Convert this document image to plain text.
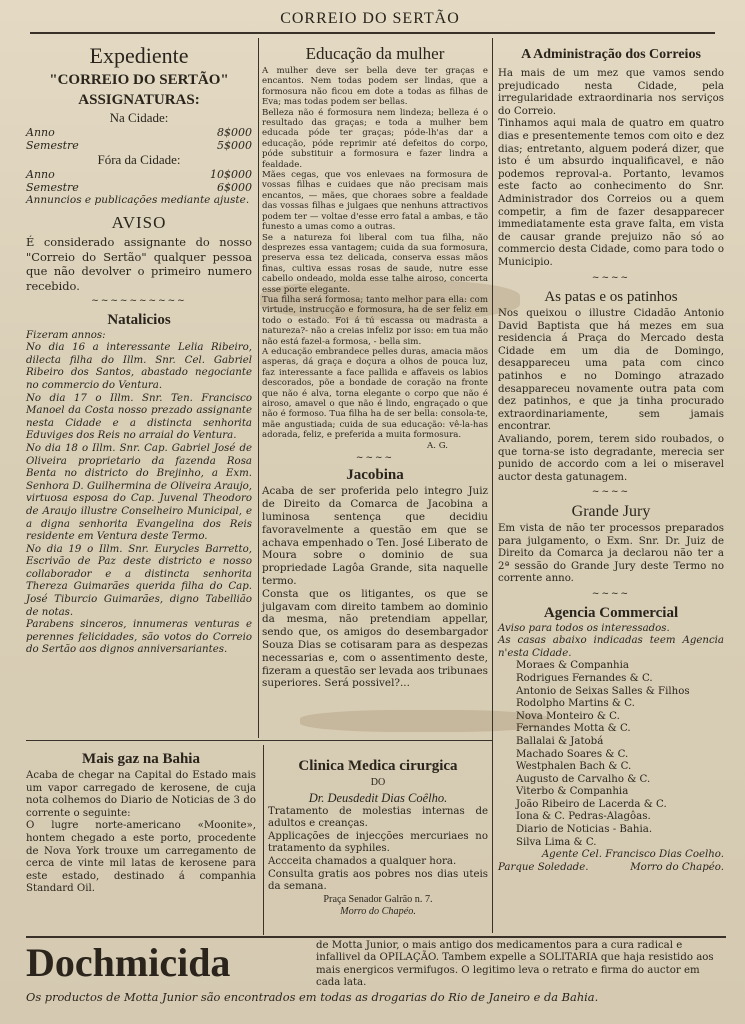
CORREIO DO SERTÃO
Expediente
"CORREIO DO SERTÃO"
ASSIGNATURAS:
Na Cidade:
Anno	8$000
Semestre	5$000
Fóra da Cidade:
Anno	10$000
Semestre	6$000

Annuncios e publicações mediante ajuste.

AVISO

É considerado assignante do nosso "Correio do Sertão" qualquer pessoa que não devolver o primeiro numero recebido.

~~~~~~~~~~
Natalicios

Fizeram annos:

No dia 16 a interessante Lelia Ribeiro, dilecta filha do Illm. Snr. Cel. Gabriel Ribeiro dos Santos, abastado negociante no commercio do Ventura.

No dia 17 o Illm. Snr. Ten. Francisco Manoel da Costa nosso prezado assignante nesta Cidade e a distincta senhorita Eduviges dos Reis no arraial do Ventura.

No dia 18 o Illm. Snr. Cap. Gabriel José de Oliveira proprietario da fazenda Rosa Benta no districto do Brejinho, a Exm. Senhora D. Guilhermina de Oliveira Araujo, virtuosa esposa do Cap. Juvenal Theodoro de Araujo illustre Conselheiro Municipal, e a digna senhorita Evangelina dos Reis residente em Ventura deste Termo.

No dia 19 o Illm. Snr. Eurycles Barretto, Escrivão de Paz deste districto e nosso collaborador e a distincta senhorita Thereza Guimarães querida filha do Cap. José Tiburcio Guimarães, digno Tabellião de notas.

Parabens sinceros, innumeras venturas e perennes felicidades, são votos do Correio do Sertão aos dignos anniversariantes.

Educação da mulher

A mulher deve ser bella deve ter graças e encantos. Nem todas podem ser lindas, que a formosura não ficou em dote a todas as filhas de Eva; mas todas podem ser bellas.

Belleza não é formosura nem lindeza; belleza é o resultado das graças; e toda a mulher bem educada póde ter graças; póde-lh'as dar a educação, póde reprimir até defeitos do corpo, póde substituir a formosura e fazer lindra a fealdade.

Mães cegas, que vos enlevaes na formosura de vossas filhas e cuidaes que não precisam mais encantos, — mães, que choraes sobre a fealdade das vossas filhas e julgaes que nenhuns attractivos podem ter — voltae d'esse erro fatal a ambas, e tão funesto a umas como a outras.

Se a natureza foi liberal com tua filha, não desprezes essa vantagem; cuida da sua formosura, preserva essa tez delicada, conserva essas mãos finas, cultiva essas rosas de saude, nutre esse cabello ondeado, molda esse talhe airoso, concerta esse porte elegante.

Tua filha será formosa; tanto melhor para ella: com virtude, instrucção e formosura, ha de ser feliz em todo o estado. Foi á tú escassa ou madrasta a natureza?- não a creias infeliz por isso: em tua mão não está fazel-a formosa, - bella sim.

A educação embrandece pelles duras, amacia mãos asperas, dá graça e doçura a olhos de pouca luz, faz interessante a face pallida e affaveis os labios descorados, põe a bondade de coração na fronte que não é alva, torna elegante o corpo que não é airoso, amavel o que não é lindo, engraçado o que não é formoso. Tua filha ha de ser bella: consola-te, mãe angustiada; cuida de sua educação: vê-la-has adorada, feliz, e preferida a muita formosura.

A. G.

~~~~
Jacobina

Acaba de ser proferida pelo integro Juiz de Direito da Comarca de Jacobina a luminosa sentença que decidiu favoravelmente a questão em que se achava empenhado o Ten. José Liberato de Moura sobre o dominio de sua propriedade Lagôa Grande, sita naquelle termo.

Consta que os litigantes, os que se julgavam com direito tambem ao dominio da mesma, não pretendiam appellar, sendo que, os amigos do desembargador Souza Dias se cotisaram para as despezas necessarias e, com o assentimento deste, fizeram a questão ser levada aos tribunaes superiores. Será possivel?...

A Administração dos Correios

Ha mais de um mez que vamos sendo prejudicado nesta Cidade, pela irregularidade extraordinaria nos serviços do Correio.

Tinhamos aqui mala de quatro em quatro dias e presentemente temos com oito e dez dias; entretanto, alguem poderá dizer, que isto é um absurdo inqualificavel, e não podemos reproval-a. Portanto, levamos este facto ao conhecimento do Snr. Administrador dos Correios ou a quem competir, a fim de fazer desapparecer immediatamente esta grave falta, em vista de causar grande prejuizo não só ao commercio desta Cidade, como para todo o Municipio.

~~~~
As patas e os patinhos

Nos queixou o illustre Cidadão Antonio David Baptista que há mezes em sua residencia á Praça do Mercado desta Cidade em um dia de Domingo, desappareceu uma pata com cinco patinhos e no Domingo atrazado desappareceu novamente outra pata com dez patinhos, e que ja tinha procurado extraordinariamente, sem jamais encontrar.

Avaliando, porem, terem sido roubados, o que torna-se isto degradante, merecia ser punido de accordo com a lei o miseravel auctor desta gatunagem.

~~~~
Grande Jury

Em vista de não ter processos preparados para julgamento, o Exm. Snr. Dr. Juiz de Direito da Comarca ja declarou não ter a 2ª sessão do Grande Jury deste Termo no corrente anno.

~~~~
Agencia Commercial

Aviso para todos os interessados.

As casas abaixo indicadas teem Agencia n'esta Cidade.

Moraes & Companhia
Rodrigues Fernandes & C.
Antonio de Seixas Salles & Filhos
Rodolpho Martins & C.
Nova Monteiro & C.
Fernandes Motta & C.
Ballalai & Jatobá
Machado Soares & C.
Westphalen Bach & C.
Augusto de Carvalho & C.
Viterbo & Companhia
João Ribeiro de Lacerda & C.
Iona & C. Pedras-Alagôas.
Diario de Noticias - Bahia.
Silva Lima & C.

Agente Cel. Francisco Dias Coelho.

Parque Soledade.	Morro do Chapéo.
Mais gaz na Bahia

Acaba de chegar na Capital do Estado mais um vapor carregado de kerosene, de cuja nota colhemos do Diario de Noticias de 3 do corrente o seguinte:

O lugre norte-americano «Moonite», hontem chegado a este porto, procedente de Nova York trouxe um carregamento de cerca de vinte mil latas de kerosene para este estado, destinado á companhia Standard Oil.

Clinica Medica cirurgica
DO
Dr. Deusdedit Dias Coêlho.

Tratamento de molestias internas de adultos e creanças.

Applicações de injecções mercuriaes no tratamento da syphiles.

Accceita chamados a qualquer hora.

Consulta gratis aos pobres nos dias uteis da semana.

Praça Senador Galrão n. 7.
Morro do Chapéo.
Dochmicida	de Motta Junior, o mais antigo dos medicamentos para a cura radical e infallivel da OPILAÇÃO. Tambem expelle a SOLITARIA que haja resistido aos mais energicos vermifugos. O legitimo leva o retrato e firma do auctor em cada lata.
Os productos de Motta Junior são encontrados em todas as drogarias do Rio de Janeiro e da Bahia.
